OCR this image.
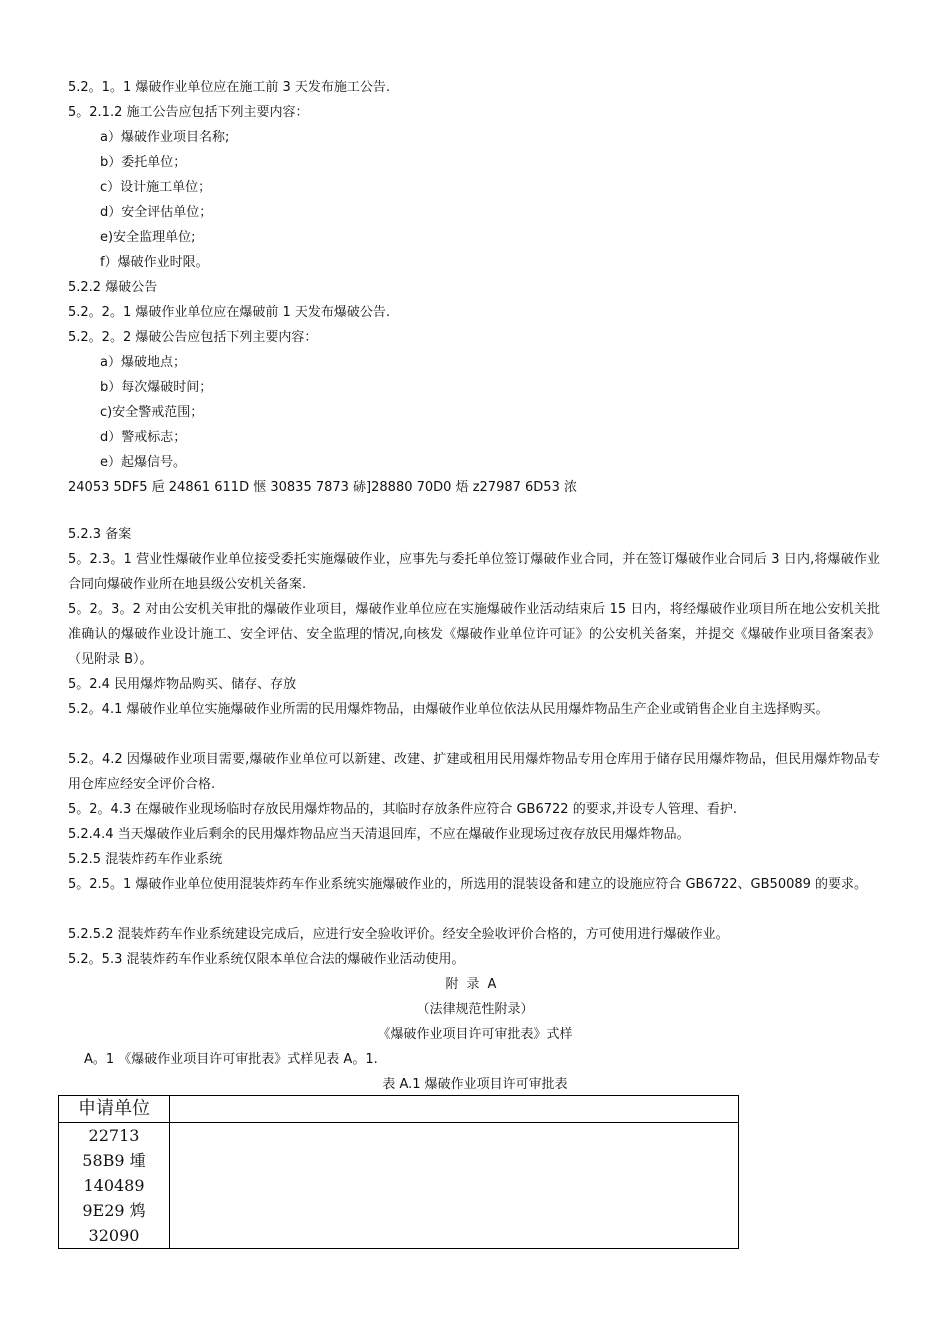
5.2。1。1 爆破作业单位应在施工前 3 天发布施工公告.
5。2.1.2 施工公告应包括下列主要内容：
a）爆破作业项目名称;
b）委托单位；
c）设计施工单位；
d）安全评估单位；
e)安全监理单位;
f）爆破作业时限。
5.2.2 爆破公告
5.2。2。1 爆破作业单位应在爆破前 1 天发布爆破公告.
5.2。2。2 爆破公告应包括下列主要内容：
a）爆破地点；
b）每次爆破时间；
c)安全警戒范围；
d）警戒标志；
e）起爆信号。
24053 5DF5 巵 24861 611D 惬 30835 7873 硳]28880 70D0 焐 z27987 6D53 浓
5.2.3 备案
5。2.3。1 营业性爆破作业单位接受委托实施爆破作业，应事先与委托单位签订爆破作业合同，并在签订爆破作业合同后 3 日内,将爆破作业合同向爆破作业所在地县级公安机关备案.
5。2。3。2 对由公安机关审批的爆破作业项目，爆破作业单位应在实施爆破作业活动结束后 15 日内，将经爆破作业项目所在地公安机关批准确认的爆破作业设计施工、安全评估、安全监理的情况,向核发《爆破作业单位许可证》的公安机关备案，并提交《爆破作业项目备案表》（见附录 B）。
5。2.4 民用爆炸物品购买、储存、存放
5.2。4.1 爆破作业单位实施爆破作业所需的民用爆炸物品，由爆破作业单位依法从民用爆炸物品生产企业或销售企业自主选择购买。
5.2。4.2 因爆破作业项目需要,爆破作业单位可以新建、改建、扩建或租用民用爆炸物品专用仓库用于储存民用爆炸物品，但民用爆炸物品专用仓库应经安全评价合格.
5。2。4.3 在爆破作业现场临时存放民用爆炸物品的，其临时存放条件应符合 GB6722 的要求,并设专人管理、看护.
5.2.4.4 当天爆破作业后剩余的民用爆炸物品应当天清退回库，不应在爆破作业现场过夜存放民用爆炸物品。
5.2.5 混装炸药车作业系统
5。2.5。1 爆破作业单位使用混装炸药车作业系统实施爆破作业的，所选用的混装设备和建立的设施应符合 GB6722、GB50089 的要求。
5.2.5.2 混装炸药车作业系统建设完成后，应进行安全验收评价。经安全验收评价合格的，方可使用进行爆破作业。
5.2。5.3 混装炸药车作业系统仅限本单位合法的爆破作业活动使用。
附录A
（法律规范性附录）
《爆破作业项目许可审批表》式样
A。1 《爆破作业项目许可审批表》式样见表 A。1.
表 A.1 爆破作业项目许可审批表
申请单位	

22713
58B9 堹
140489
9E29 鸩
32090	
